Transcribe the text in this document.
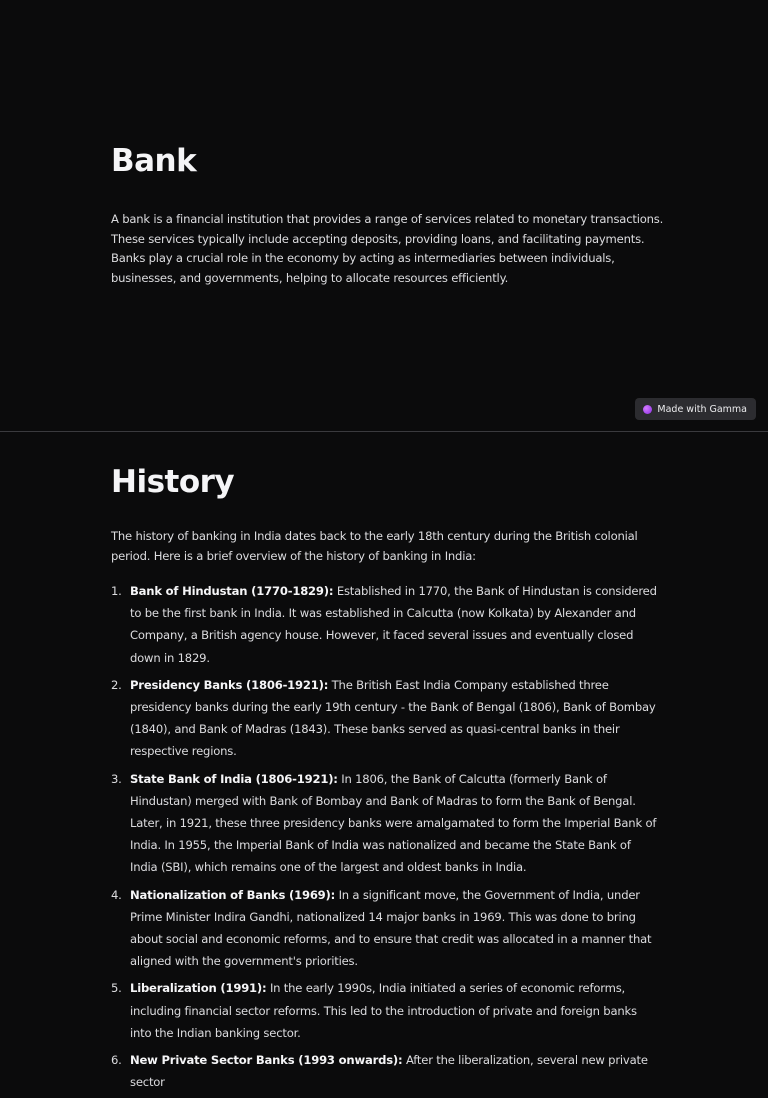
Bank

A bank is a financial institution that provides a range of services related to monetary transactions. These services typically include accepting deposits, providing loans, and facilitating payments. Banks play a crucial role in the economy by acting as intermediaries between individuals, businesses, and governments, helping to allocate resources efficiently.

Made with Gamma
History

The history of banking in India dates back to the early 18th century during the British colonial period. Here is a brief overview of the history of banking in India:

1. Bank of Hindustan (1770-1829): Established in 1770, the Bank of Hindustan is considered to be the first bank in India. It was established in Calcutta (now Kolkata) by Alexander and Company, a British agency house. However, it faced several issues and eventually closed down in 1829.
2. Presidency Banks (1806-1921): The British East India Company established three presidency banks during the early 19th century - the Bank of Bengal (1806), Bank of Bombay (1840), and Bank of Madras (1843). These banks served as quasi-central banks in their respective regions.
3. State Bank of India (1806-1921): In 1806, the Bank of Calcutta (formerly Bank of Hindustan) merged with Bank of Bombay and Bank of Madras to form the Bank of Bengal. Later, in 1921, these three presidency banks were amalgamated to form the Imperial Bank of India. In 1955, the Imperial Bank of India was nationalized and became the State Bank of India (SBI), which remains one of the largest and oldest banks in India.
4. Nationalization of Banks (1969): In a significant move, the Government of India, under Prime Minister Indira Gandhi, nationalized 14 major banks in 1969. This was done to bring about social and economic reforms, and to ensure that credit was allocated in a manner that aligned with the government's priorities.
5. Liberalization (1991): In the early 1990s, India initiated a series of economic reforms, including financial sector reforms. This led to the introduction of private and foreign banks into the Indian banking sector.
6. New Private Sector Banks (1993 onwards): After the liberalization, several new private sector
